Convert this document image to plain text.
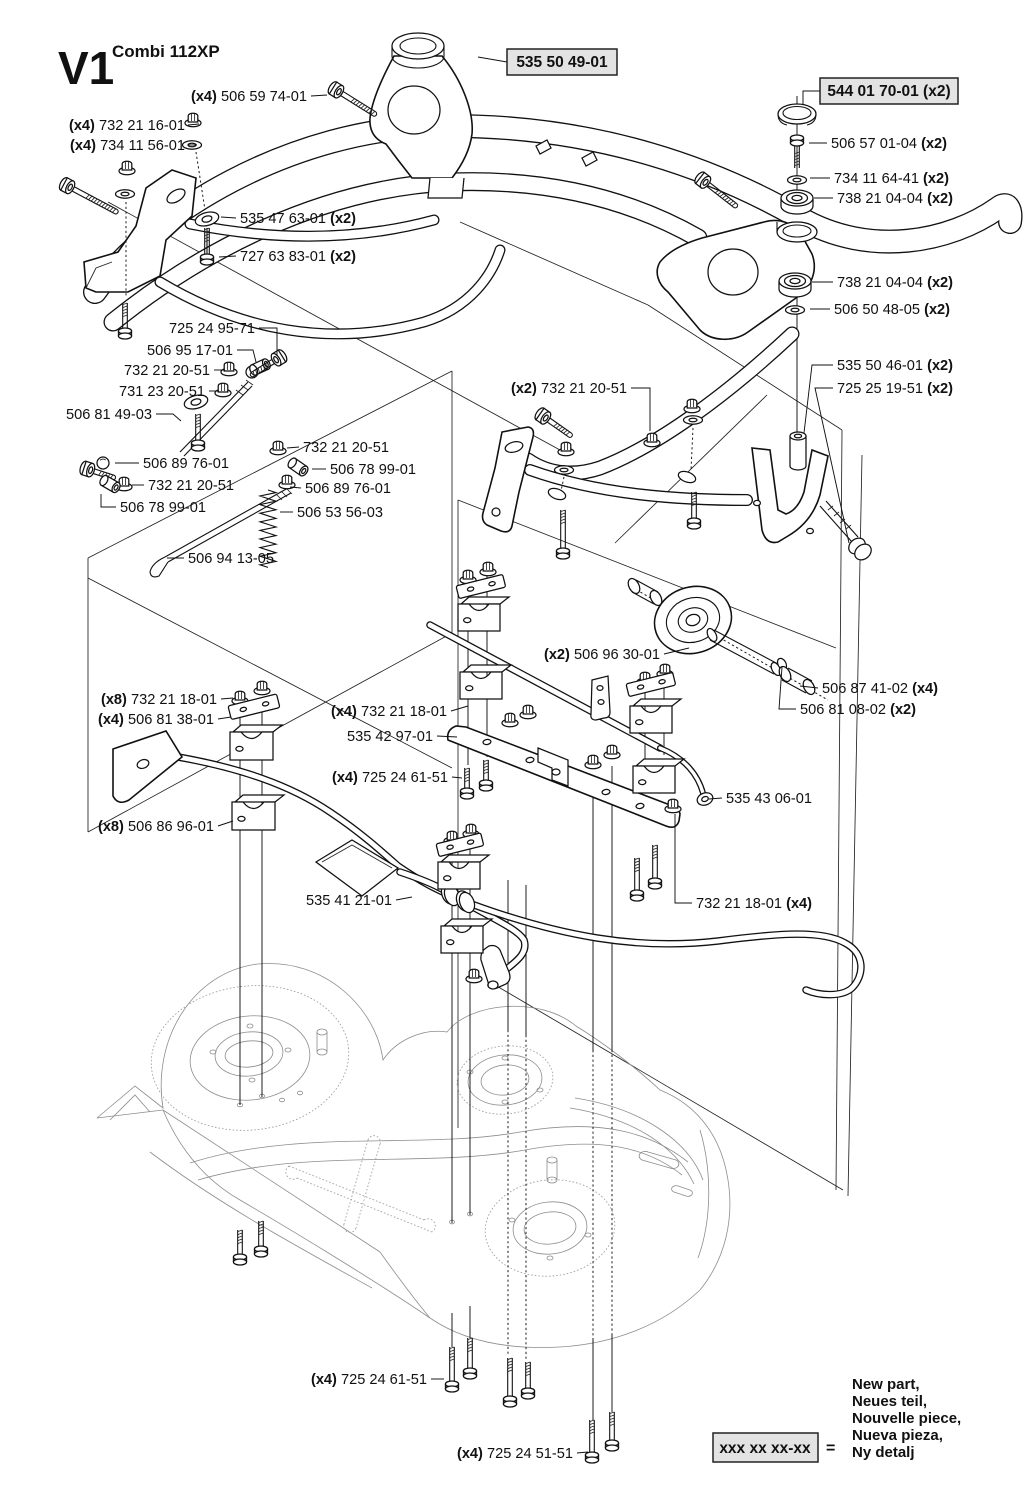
(x4) 506 59 74-01
535 50 49-01
(x4) 732 21 16-01
(x4) 734 11 56-01
535 47 63-01 (x2)
727 63 83-01 (x2)
544 01 70-01 (x2)
506 57 01-04 (x2)
734 11 64-41 (x2)
738 21 04-04 (x2)
738 21 04-04 (x2)
506 50 48-05 (x2)
535 50 46-01 (x2)
725 25 19-51 (x2)
(x2) 732 21 20-51
725 24 95-71
506 95 17-01
732 21 20-51
731 23 20-51
506 81 49-03
506 89 76-01
732 21 20-51
506 78 99-01
732 21 20-51
506 78 99-01
506 89 76-01
506 53 56-03
506 94 13-05
(x2) 506 96 30-01
506 87 41-02 (x4)
506 81 08-02 (x2)
(x8) 732 21 18-01
(x4) 506 81 38-01	(x4) 732 21 18-01
535 42 97-01
(x4) 725 24 61-51
(x8) 506 86 96-01
535 43 06-01
732 21 18-01 (x4)
535 41 21-01
(x4) 725 24 61-51
(x4) 725 24 51-51
V1
Combi 112XP
xxx xx xx-xx =
New part,
Neues teil,
Nouvelle piece,
Nueva pieza,
Ny detalj
